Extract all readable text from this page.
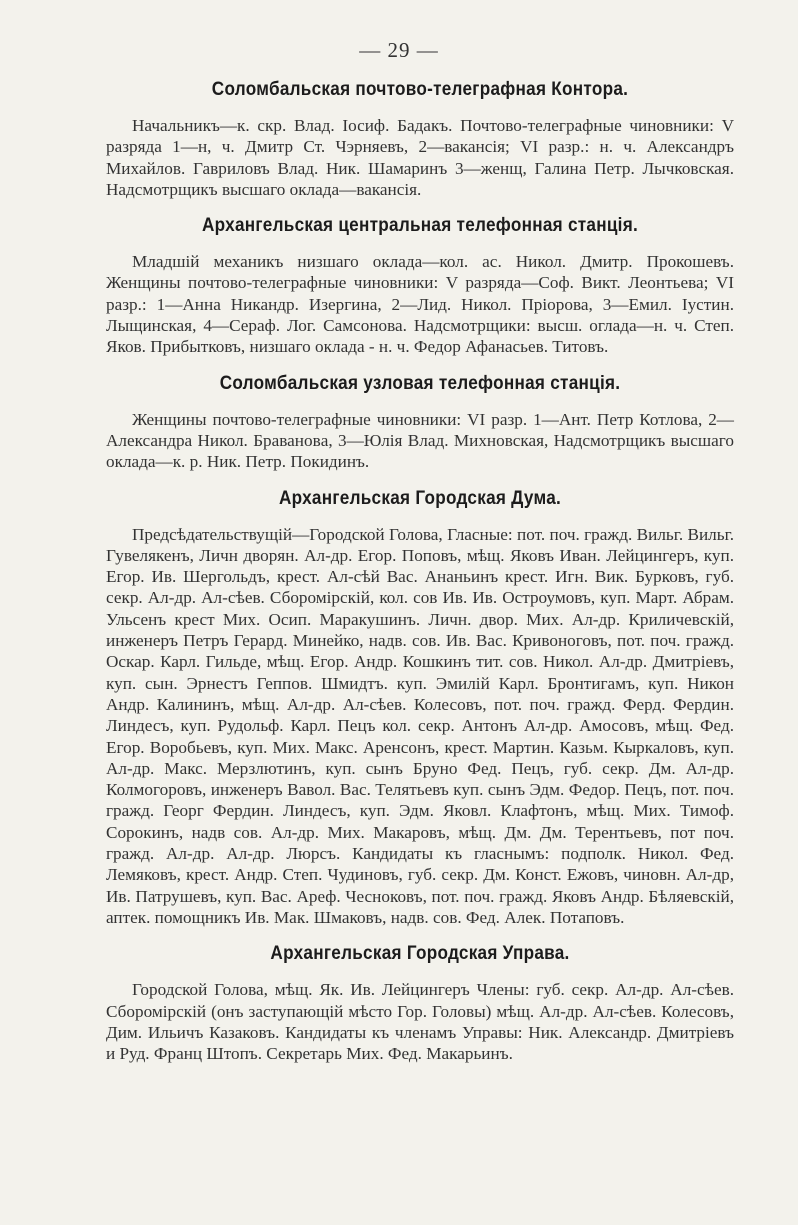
— 29 —
Соломбальская почтово-телеграфная Контора.

Начальникъ—к. скр. Влад. Іосиф. Бадакъ. Почтово-телеграфные чиновники: V разряда 1—н, ч. Дмитр Ст. Чэрняевъ, 2—вакансія; VI разр.: н. ч. Александръ Михайлов. Гавриловъ Влад. Ник. Шамаринъ 3—женщ, Галина Петр. Лычковская. Надсмотрщикъ высшаго оклада—вакансія.

Архангельская центральная телефонная станція.

Младшій механикъ низшаго оклада—кол. ас. Никол. Дмитр. Прокошевъ. Женщины почтово-телеграфные чиновники: V разряда—Соф. Викт. Леонтьева; VI разр.: 1—Анна Никандр. Изергина, 2—Лид. Никол. Пріорова, 3—Емил. Іустин. Лыщинская, 4—Сераф. Лог. Самсонова. Надсмотрщики: высш. оглада—н. ч. Степ. Яков. Прибытковъ, низшаго оклада - н. ч. Федор Афанасьев. Титовъ.

Соломбальская узловая телефонная станція.

Женщины почтово-телеграфные чиновники: VI разр. 1—Ант. Петр Котлова, 2—Александра Никол. Бравановa, 3—Юлія Влад. Михновская, Надсмотрщикъ высшаго оклада—к. р. Ник. Петр. Покидинъ.

Архангельская Городская Дума.

Предсѣдательствущій—Городской Голова, Гласные: пот. поч. гражд. Вильг. Вильг. Гувелякенъ, Личн дворян. Ал-др. Егор. Поповъ, мѣщ. Яковъ Иван. Лейцингеръ, куп. Егор. Ив. Шергольдъ, крест. Ал-сѣй Вас. Ананьинъ крест. Игн. Вик. Бурковъ, губ. секр. Ал-др. Ал-сѣев. Сбoромірскій, кол. сов Ив. Ив. Остроумовъ, куп. Март. Абрам. Ульсенъ крест Мих. Осип. Маракушинъ. Личн. двор. Мих. Ал-др. Криличевскій, инженеръ Петръ Герард. Минейко, надв. сов. Ив. Вас. Кривоноговъ, пот. поч. гражд. Оскар. Карл. Гильде, мѣщ. Егор. Андр. Кошкинъ тит. сов. Никол. Ал-др. Дмитріевъ, куп. сын. Эрнестъ Геппов. Шмидтъ. куп. Эмилій Карл. Бронтигамъ, куп. Никон Андр. Калининъ, мѣщ. Ал-др. Ал-сѣев. Колесовъ, пот. поч. гражд. Ферд. Фердин. Линдесъ, куп. Рудольф. Карл. Пецъ кол. секр. Антонъ Ал-др. Амосовъ, мѣщ. Фед. Егор. Воробьевъ, куп. Мих. Макс. Аренсонъ, крест. Мартин. Казьм. Кыркаловъ, куп. Ал-др. Макс. Мерзлютинъ, куп. сынъ Бруно Фед. Пецъ, губ. секр. Дм. Ал-др. Колмогоровъ, инженеръ Вавол. Вас. Телятьевъ куп. сынъ Эдм. Федор. Пецъ, пот. поч. гражд. Георг Фердин. Линдесъ, куп. Эдм. Яковл. Клафтонъ, мѣщ. Мих. Тимоф. Сорокинъ, надв сов. Ал-др. Мих. Макаровъ, мѣщ. Дм. Дм. Терентьевъ, пот поч. гражд. Ал-др. Ал-др. Люрсъ. Кандидаты къ гласнымъ: подполк. Никол. Фед. Лемяковъ, крест. Андр. Степ. Чудиновъ, губ. секр. Дм. Конст. Ежовъ, чиновн. Ал-др, Ив. Патрушевъ, куп. Вас. Ареф. Чесноковъ, пот. поч. гражд. Яковъ Андр. Бѣляевскій, аптек. помощникъ Ив. Мак. Шмаковъ, надв. сов. Фед. Алек. Потаповъ.

Архангельская Городская Управа.

Городской Голова, мѣщ. Як. Ив. Лейцингеръ Члены: губ. секр. Ал-др. Ал-сѣев. Сбoромірскій (онъ заступающій мѣсто Гор. Головы) мѣщ. Ал-др. Ал-сѣев. Колесовъ, Дим. Ильичъ Казаковъ. Кандидаты къ членамъ Управы: Ник. Александр. Дмитріевъ и Руд. Франц Штопъ. Секретарь Мих. Фед. Макарьинъ.
